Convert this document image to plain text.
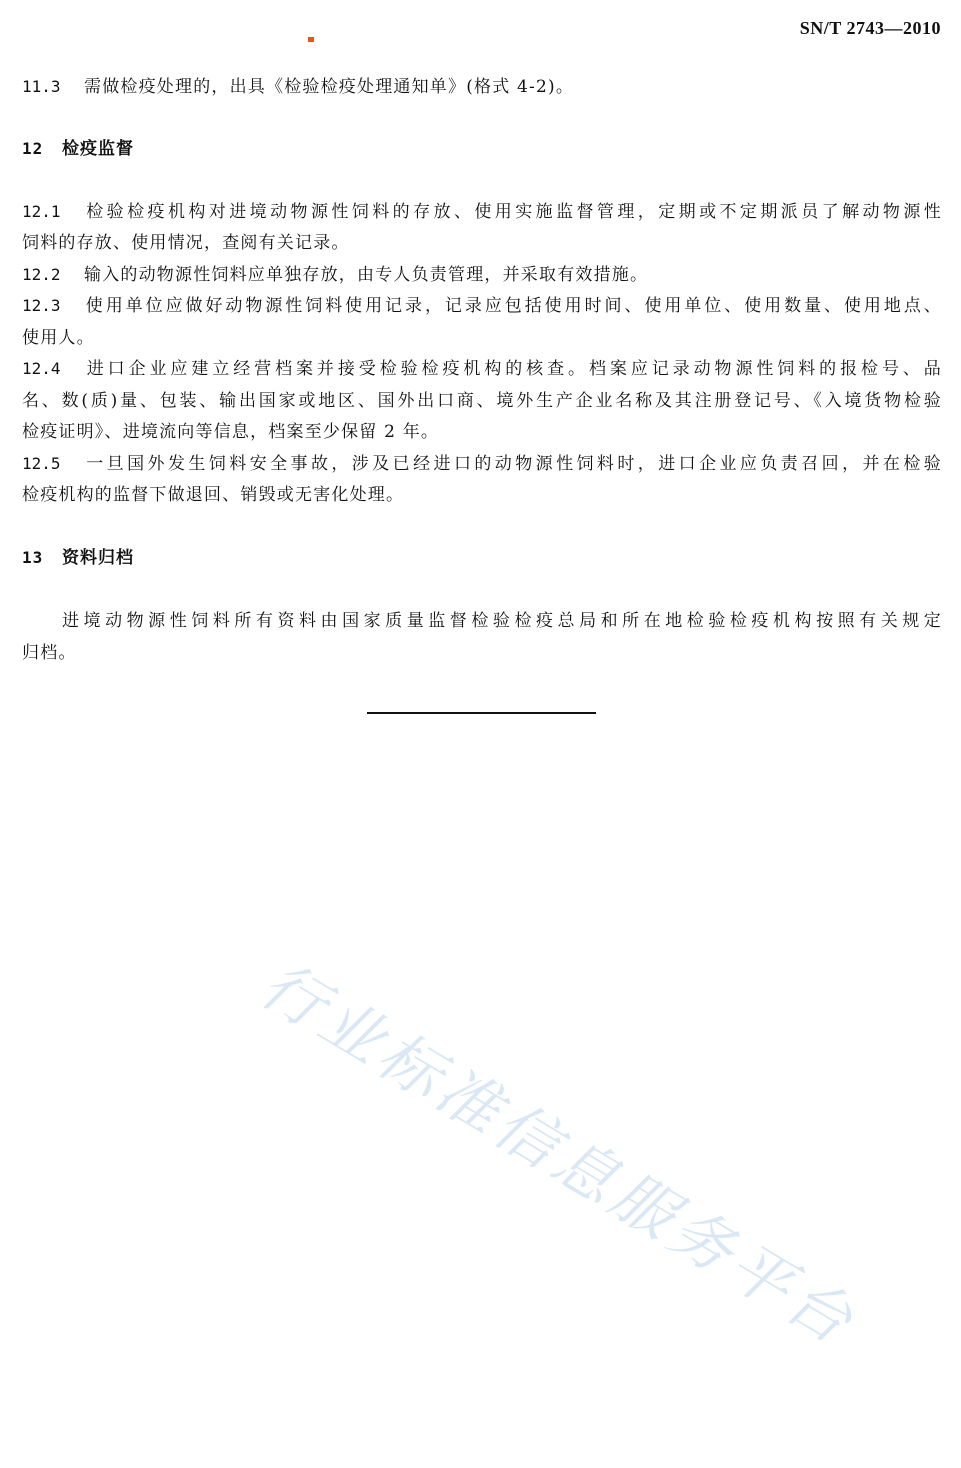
SN/T 2743—2010
11.3 需做检疫处理的，出具《检验检疫处理通知单》(格式 4-2)。
12 检疫监督
12.1 检验检疫机构对进境动物源性饲料的存放、使用实施监督管理，定期或不定期派员了解动物源性
饲料的存放、使用情况，查阅有关记录。
12.2 输入的动物源性饲料应单独存放，由专人负责管理，并采取有效措施。
12.3 使用单位应做好动物源性饲料使用记录，记录应包括使用时间、使用单位、使用数量、使用地点、
使用人。
12.4 进口企业应建立经营档案并接受检验检疫机构的核查。档案应记录动物源性饲料的报检号、品
名、数(质)量、包装、输出国家或地区、国外出口商、境外生产企业名称及其注册登记号、《入境货物检验
检疫证明》、进境流向等信息，档案至少保留 2 年。
12.5 一旦国外发生饲料安全事故，涉及已经进口的动物源性饲料时，进口企业应负责召回，并在检验
检疫机构的监督下做退回、销毁或无害化处理。
13 资料归档
进境动物源性饲料所有资料由国家质量监督检验检疫总局和所在地检验检疫机构按照有关规定
归档。
行业标准信息服务平台
